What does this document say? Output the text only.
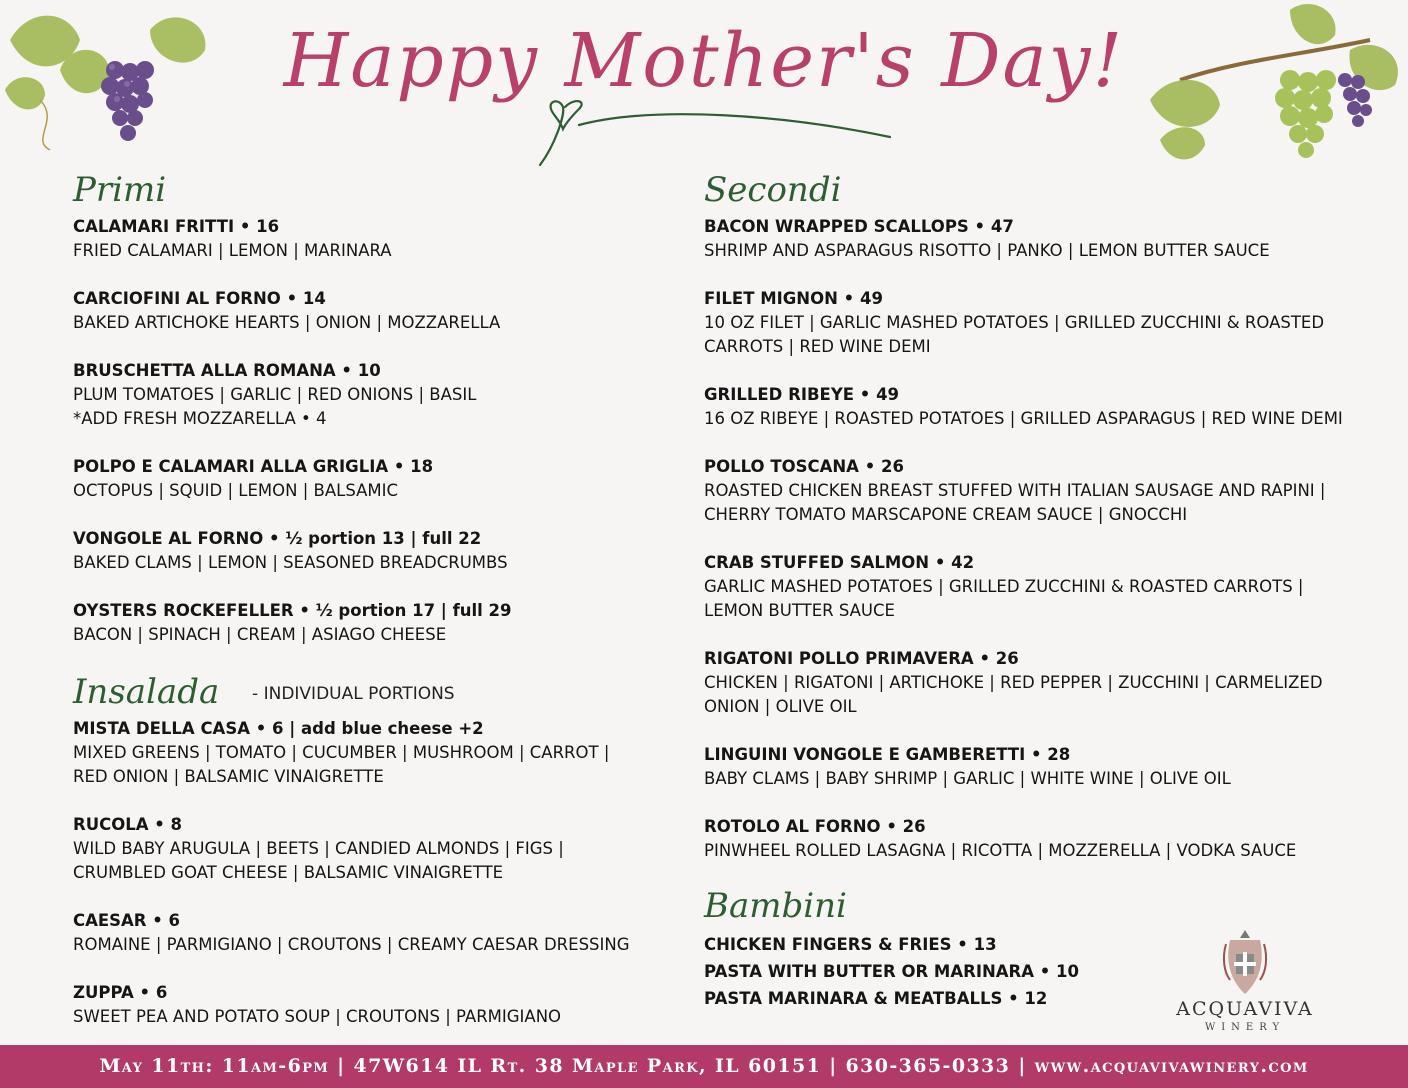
Happy Mother's Day!
Primi
CALAMARI FRITTI • 16
FRIED CALAMARI | LEMON | MARINARA
CARCIOFINI AL FORNO • 14
BAKED ARTICHOKE HEARTS | ONION | MOZZARELLA
BRUSCHETTA ALLA ROMANA • 10
PLUM TOMATOES | GARLIC | RED ONIONS | BASIL
*ADD FRESH MOZZARELLA • 4
POLPO E CALAMARI ALLA GRIGLIA • 18
OCTOPUS | SQUID | LEMON | BALSAMIC
VONGOLE AL FORNO • ½ portion 13 | full 22
BAKED CLAMS | LEMON | SEASONED BREADCRUMBS
OYSTERS ROCKEFELLER • ½ portion 17 | full 29
BACON | SPINACH | CREAM | ASIAGO CHEESE
Insalada - INDIVIDUAL PORTIONS
MISTA DELLA CASA • 6 | add blue cheese +2
MIXED GREENS | TOMATO | CUCUMBER | MUSHROOM | CARROT |
RED ONION | BALSAMIC VINAIGRETTE
RUCOLA • 8
WILD BABY ARUGULA | BEETS | CANDIED ALMONDS | FIGS |
CRUMBLED GOAT CHEESE | BALSAMIC VINAIGRETTE
CAESAR • 6
ROMAINE | PARMIGIANO | CROUTONS | CREAMY CAESAR DRESSING
ZUPPA • 6
SWEET PEA AND POTATO SOUP | CROUTONS | PARMIGIANO
Secondi
BACON WRAPPED SCALLOPS • 47
SHRIMP AND ASPARAGUS RISOTTO | PANKO | LEMON BUTTER SAUCE
FILET MIGNON • 49
10 OZ FILET | GARLIC MASHED POTATOES | GRILLED ZUCCHINI & ROASTED
CARROTS | RED WINE DEMI
GRILLED RIBEYE • 49
16 OZ RIBEYE | ROASTED POTATOES | GRILLED ASPARAGUS | RED WINE DEMI
POLLO TOSCANA • 26
ROASTED CHICKEN BREAST STUFFED WITH ITALIAN SAUSAGE AND RAPINI |
CHERRY TOMATO MARSCAPONE CREAM SAUCE | GNOCCHI
CRAB STUFFED SALMON • 42
GARLIC MASHED POTATOES | GRILLED ZUCCHINI & ROASTED CARROTS |
LEMON BUTTER SAUCE
RIGATONI POLLO PRIMAVERA • 26
CHICKEN | RIGATONI | ARTICHOKE | RED PEPPER | ZUCCHINI | CARMELIZED
ONION | OLIVE OIL
LINGUINI VONGOLE E GAMBERETTI • 28
BABY CLAMS | BABY SHRIMP | GARLIC | WHITE WINE | OLIVE OIL
ROTOLO AL FORNO • 26
PINWHEEL ROLLED LASAGNA | RICOTTA | MOZZERELLA | VODKA SAUCE
Bambini
CHICKEN FINGERS & FRIES • 13
PASTA WITH BUTTER OR MARINARA • 10
PASTA MARINARA & MEATBALLS • 12	ACQUAVIVA
WINERY
May 11th: 11am-6pm | 47W614 IL Rt. 38 Maple Park, IL 60151 | 630-365-0333 | www.acquavivawinery.com
